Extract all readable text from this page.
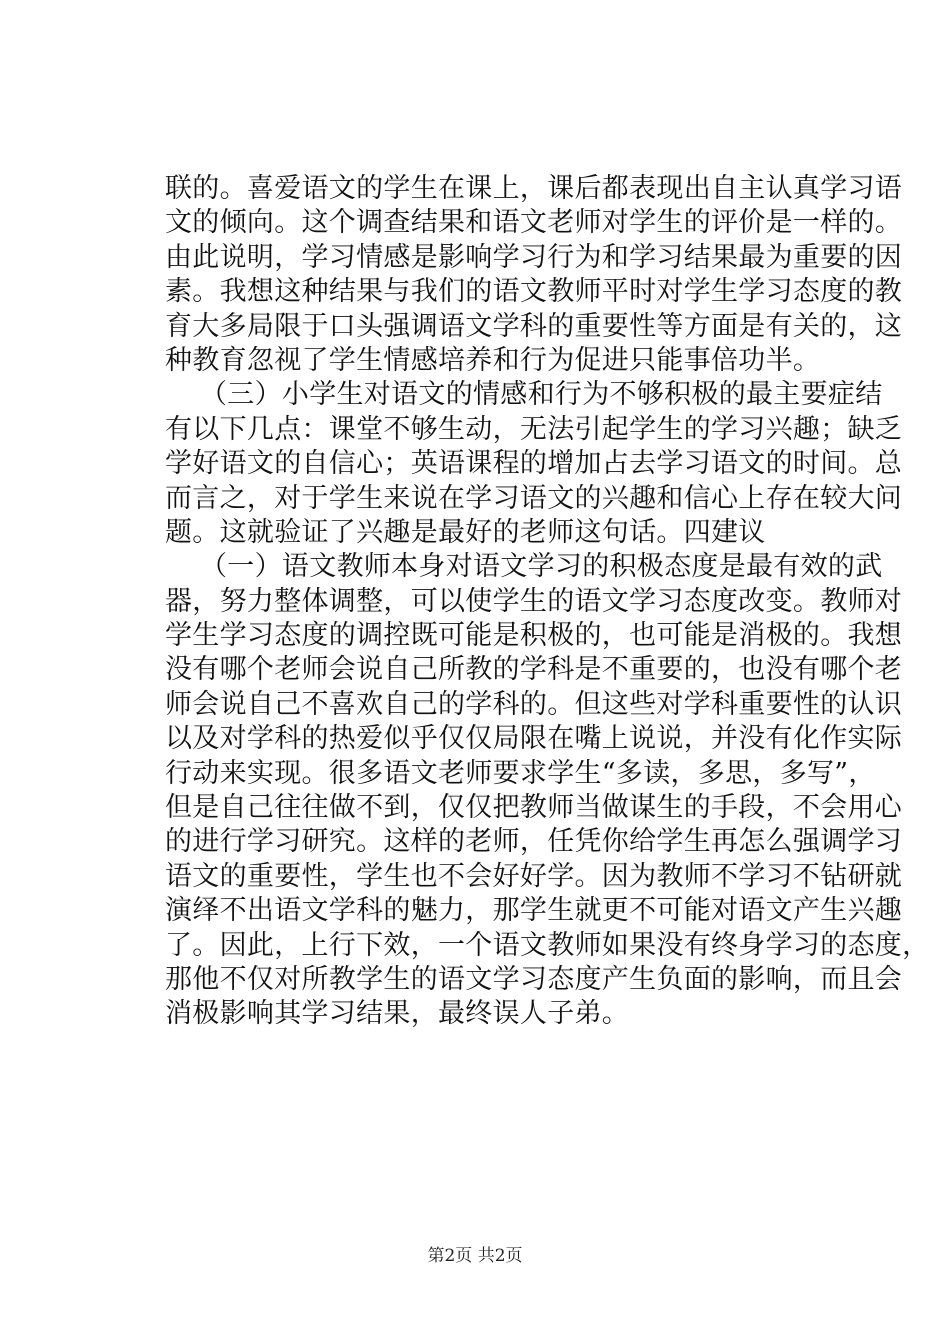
联的。喜爱语文的学生在课上，课后都表现出自主认真学习语
文的倾向。这个调查结果和语文老师对学生的评价是一样的。
由此说明，学习情感是影响学习行为和学习结果最为重要的因
素。我想这种结果与我们的语文教师平时对学生学习态度的教
育大多局限于口头强调语文学科的重要性等方面是有关的，这
种教育忽视了学生情感培养和行为促进只能事倍功半。
（三）小学生对语文的情感和行为不够积极的最主要症结
有以下几点：课堂不够生动，无法引起学生的学习兴趣；缺乏
学好语文的自信心；英语课程的增加占去学习语文的时间。总
而言之，对于学生来说在学习语文的兴趣和信心上存在较大问
题。这就验证了兴趣是最好的老师这句话。四建议
（一）语文教师本身对语文学习的积极态度是最有效的武
器，努力整体调整，可以使学生的语文学习态度改变。教师对
学生学习态度的调控既可能是积极的，也可能是消极的。我想
没有哪个老师会说自己所教的学科是不重要的，也没有哪个老
师会说自己不喜欢自己的学科的。但这些对学科重要性的认识
以及对学科的热爱似乎仅仅局限在嘴上说说，并没有化作实际
行动来实现。很多语文老师要求学生“多读，多思，多写”，
但是自己往往做不到，仅仅把教师当做谋生的手段，不会用心
的进行学习研究。这样的老师，任凭你给学生再怎么强调学习
语文的重要性，学生也不会好好学。因为教师不学习不钻研就
演绎不出语文学科的魅力，那学生就更不可能对语文产生兴趣
了。因此，上行下效，一个语文教师如果没有终身学习的态度，
那他不仅对所教学生的语文学习态度产生负面的影响，而且会
消极影响其学习结果，最终误人子弟。
第2页 共2页
